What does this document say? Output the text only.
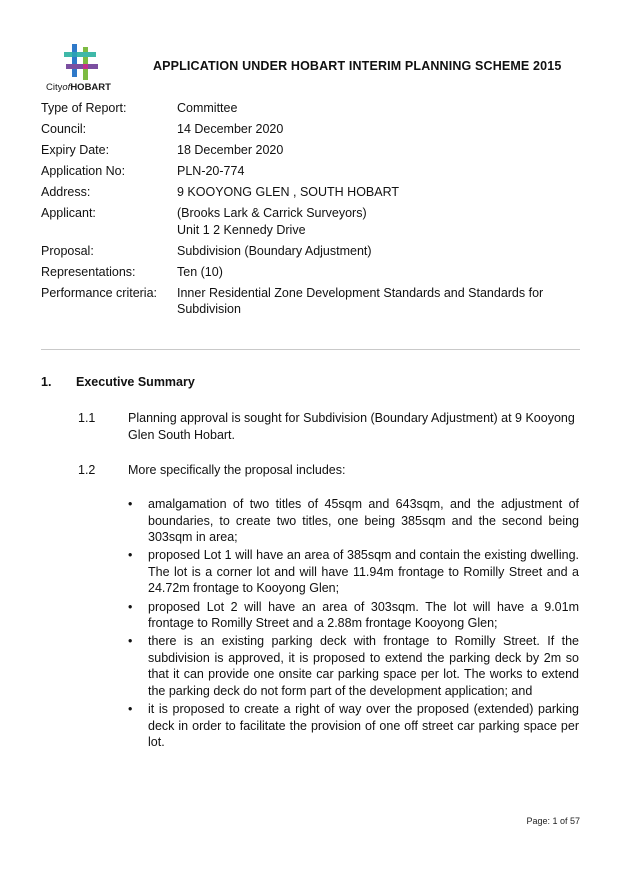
CityofHOBART
APPLICATION UNDER HOBART INTERIM PLANNING SCHEME 2015
Type of Report:	Committee
Council:	14 December 2020
Expiry Date:	18 December 2020
Application No:	PLN-20-774
Address:	9 KOOYONG GLEN , SOUTH HOBART
Applicant:	(Brooks Lark & Carrick Surveyors)
Unit 1 2 Kennedy Drive
Proposal:	Subdivision (Boundary Adjustment)
Representations:	Ten (10)
Performance criteria:	Inner Residential Zone Development Standards and Standards for Subdivision
1.	Executive Summary
1.1	Planning approval is sought for Subdivision (Boundary Adjustment) at 9 Kooyong Glen South Hobart.
1.2	More specifically the proposal includes:
• amalgamation of two titles of 45sqm and 643sqm, and the adjustment of boundaries, to create two titles, one being 385sqm and the second being 303sqm in area;
• proposed Lot 1 will have an area of 385sqm and contain the existing dwelling. The lot is a corner lot and will have 11.94m frontage to Romilly Street and a 24.72m frontage to Kooyong Glen;
• proposed Lot 2 will have an area of 303sqm. The lot will have a 9.01m frontage to Romilly Street and a 2.88m frontage Kooyong Glen;
• there is an existing parking deck with frontage to Romilly Street. If the subdivision is approved, it is proposed to extend the parking deck by 2m so that it can provide one onsite car parking space per lot. The works to extend the parking deck do not form part of the development application; and
• it is proposed to create a right of way over the proposed (extended) parking deck in order to facilitate the provision of one off street car parking space per lot.
Page: 1 of 57
